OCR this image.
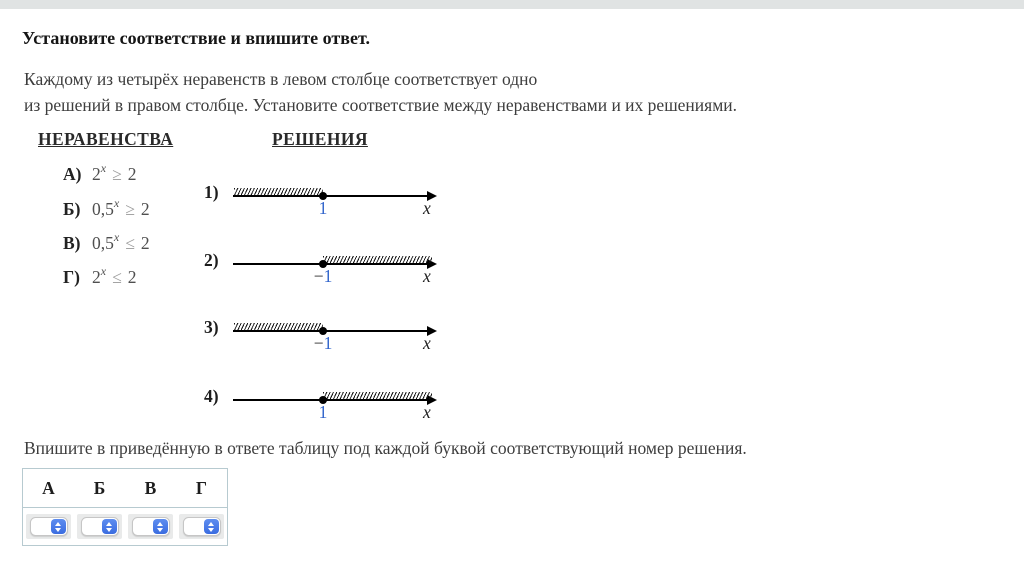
Установите соответствие и впишите ответ.
Каждому из четырёх неравенств в левом столбце соответствует одно
из решений в правом столбце. Установите соответствие между неравенствами и их решениями.
НЕРАВЕНСТВА	РЕШЕНИЯ
А) $2^x \ge 2$
Б) $0,5^x \ge 2$
В) $0,5^x \le 2$
Г) $2^x \le 2$
1)
1	x
2)
−1	x
3)
−1	x
4)
1	x
Впишите в приведённую в ответе таблицу под каждой буквой соответствующий номер решения.
А	Б	В	Г
